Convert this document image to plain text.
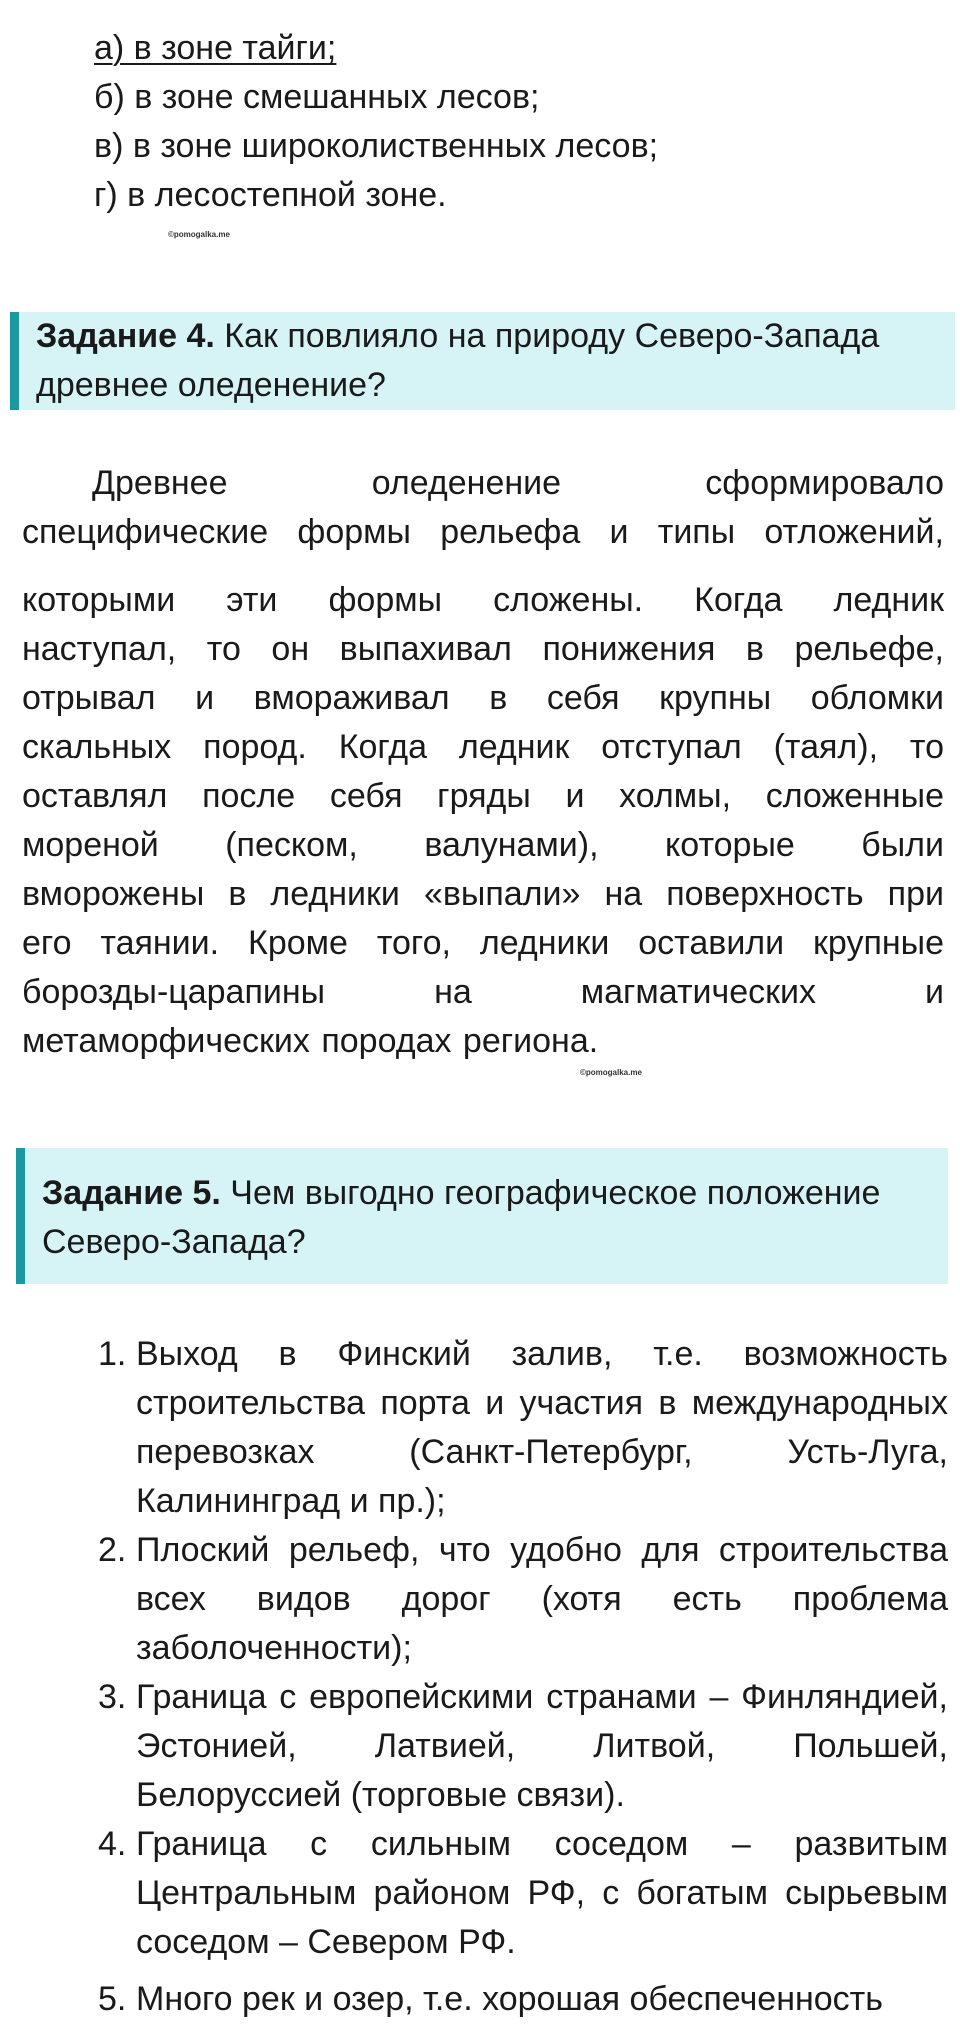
а) в зоне тайги;
б) в зоне смешанных лесов;
в) в зоне широколиственных лесов;
г) в лесостепной зоне.
©pomogalka.me
Задание 4. Как повлияло на природу Северо-Запада древнее оледенение?
Древнее оледенение сформировало
специфические формы рельефа и типы отложений,
которыми эти формы сложены. Когда ледник
наступал, то он выпахивал понижения в рельефе,
отрывал и вмораживал в себя крупны обломки
скальных пород. Когда ледник отступал (таял), то
оставлял после себя гряды и холмы, сложенные
мореной (песком, валунами), которые были
вморожены в ледники «выпали» на поверхность при
его таянии. Кроме того, ледники оставили крупные
борозды-царапины на магматических и
метаморфических породах региона.
©pomogalka.me
Задание 5. Чем выгодно географическое положение Северо-Запада?
1. Выход в Финский залив, т.е. возможность строительства порта и участия в международных перевозках (Санкт-Петербург, Усть-Луга, Калининград и пр.);
2. Плоский рельеф, что удобно для строительства всех видов дорог (хотя есть проблема заболоченности);
3. Граница с европейскими странами – Финляндией, Эстонией, Латвией, Литвой, Польшей, Белоруссией (торговые связи).
4. Граница с сильным соседом – развитым Центральным районом РФ, с богатым сырьевым соседом – Севером РФ.
5. Много рек и озер, т.е. хорошая обеспеченность
